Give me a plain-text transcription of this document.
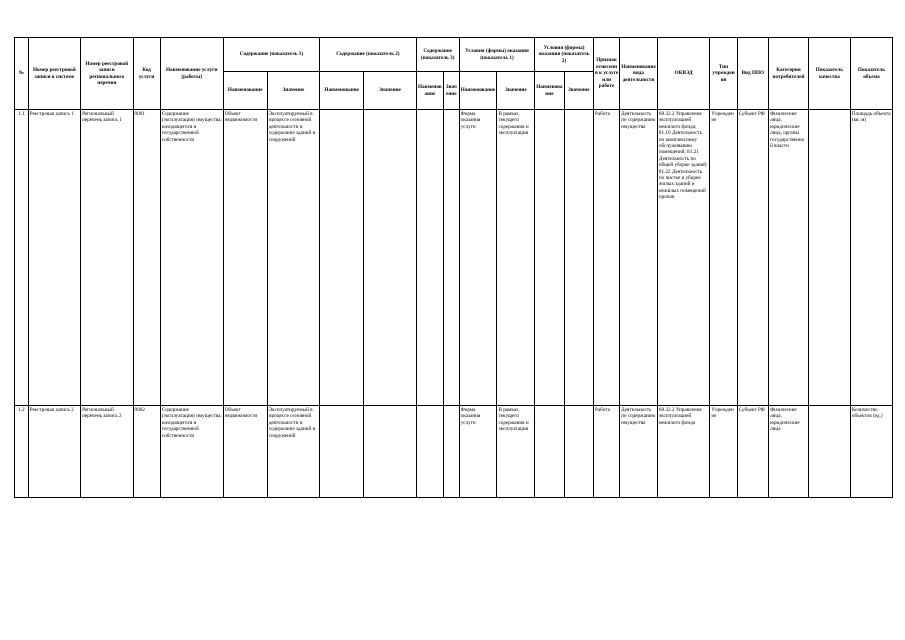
№	Номер реестровой записи в системе	Номер реестровой записи регионального перечня	Код услуги	Наименование услуги (работы)	Содержание (показатель 1)		Содержание (показатель 2)		Содержание (показатель 3)		Условия (формы) оказания (показатель 1)		Условия (формы) оказания (показатель 2)		Признак отнесения к услуге или работе	Наименование вида деятельности	ОКВЭД	Тип учреждения	Вид ППО	Категория потребителей	Показатель качества	Показатель объема
					Наименование	Значение	Наименование	Значение	Наименование	Значение	Наименование	Значение	Наименование	Значение								
1.1	Реестровая запись 1	Региональный перечень запись 1	0001	Содержание (эксплуатация) имущества, находящегося в государственной собственности	Объект недвижимости	Эксплуатируемый в процессе основной деятельности и содержание зданий и сооружений					Форма оказания услуги	В рамках текущего содержания и эксплуатации			Работа	Деятельность по содержанию имущества	68.32.2 Управление эксплуатацией нежилого фонда; 81.10 Деятельность по комплексному обслуживанию помещений; 81.21 Деятельность по общей уборке зданий; 81.22 Деятельность по чистке и уборке жилых зданий и нежилых помещений прочая	Учреждение	Субъект РФ	Физические лица, юридические лица, органы государственной власти		Площадь объекта (кв. м)
1.2	Реестровая запись 2	Региональный перечень запись 2	0002	Содержание (эксплуатация) имущества, находящегося в государственной собственности	Объект недвижимости	Эксплуатируемый в процессе основной деятельности и содержание зданий и сооружений					Форма оказания услуги	В рамках текущего содержания и эксплуатации			Работа	Деятельность по содержанию имущества	68.32.2 Управление эксплуатацией нежилого фонда	Учреждение	Субъект РФ	Физические лица, юридические лица		Количество объектов (ед.)
